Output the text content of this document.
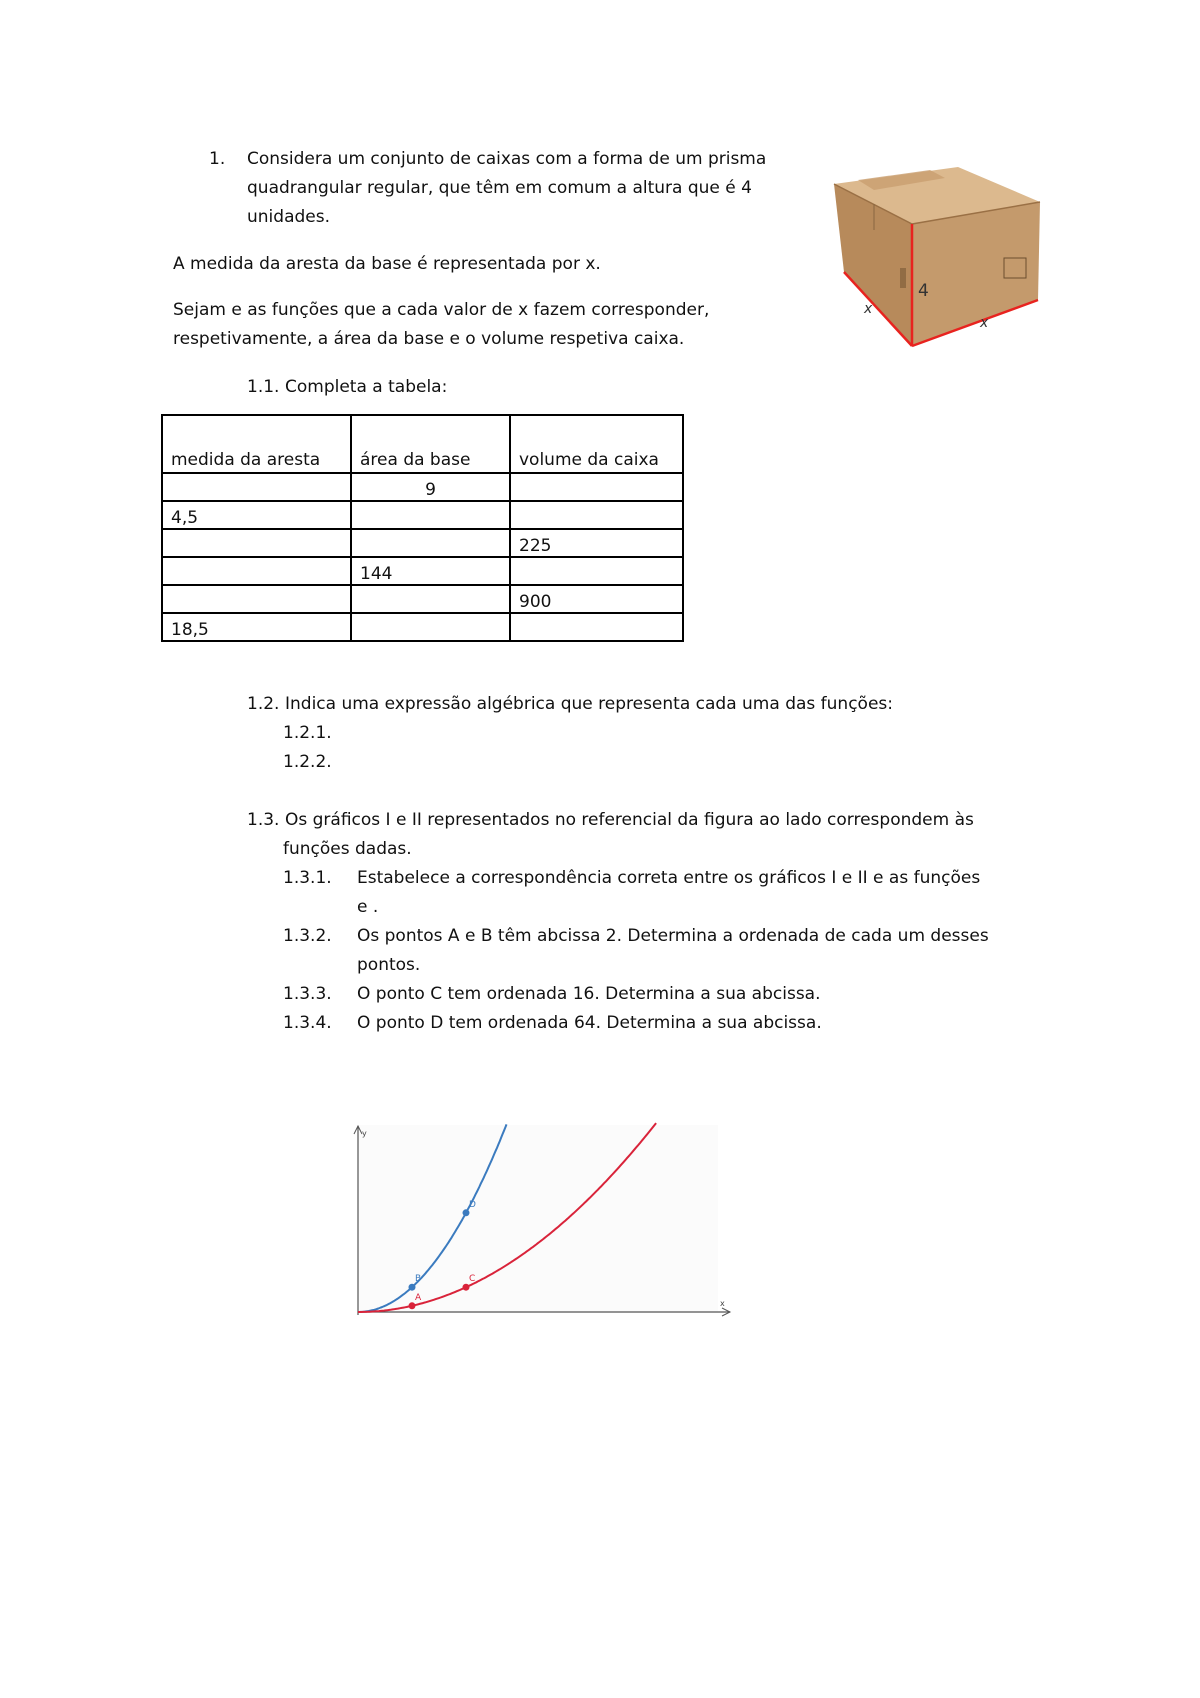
1. Considera um conjunto de caixas com a forma de um prisma
quadrangular regular, que têm em comum a altura que é 4
unidades.
A medida da aresta da base é representada por x.
Sejam e as funções que a cada valor de x fazem corresponder,
respetivamente, a área da base e o volume respetiva caixa.
4
x
x
1.1. Completa a tabela:
medida da aresta	área da base	volume da caixa
	9	
4,5		
		225
	144	
		900
18,5		
1.2. Indica uma expressão algébrica que representa cada uma das funções:
1.2.1.
1.2.2.
1.3. Os gráficos I e II representados no referencial da figura ao lado correspondem às
funções dadas.
1.3.1. Estabelece a correspondência correta entre os gráficos I e II e as funções
e .
1.3.2. Os pontos A e B têm abcissa 2. Determina a ordenada de cada um desses
pontos.
1.3.3. O ponto C tem ordenada 16. Determina a sua abcissa.
1.3.4. O ponto D tem ordenada 64. Determina a sua abcissa.
x
y
A
B	C
D
